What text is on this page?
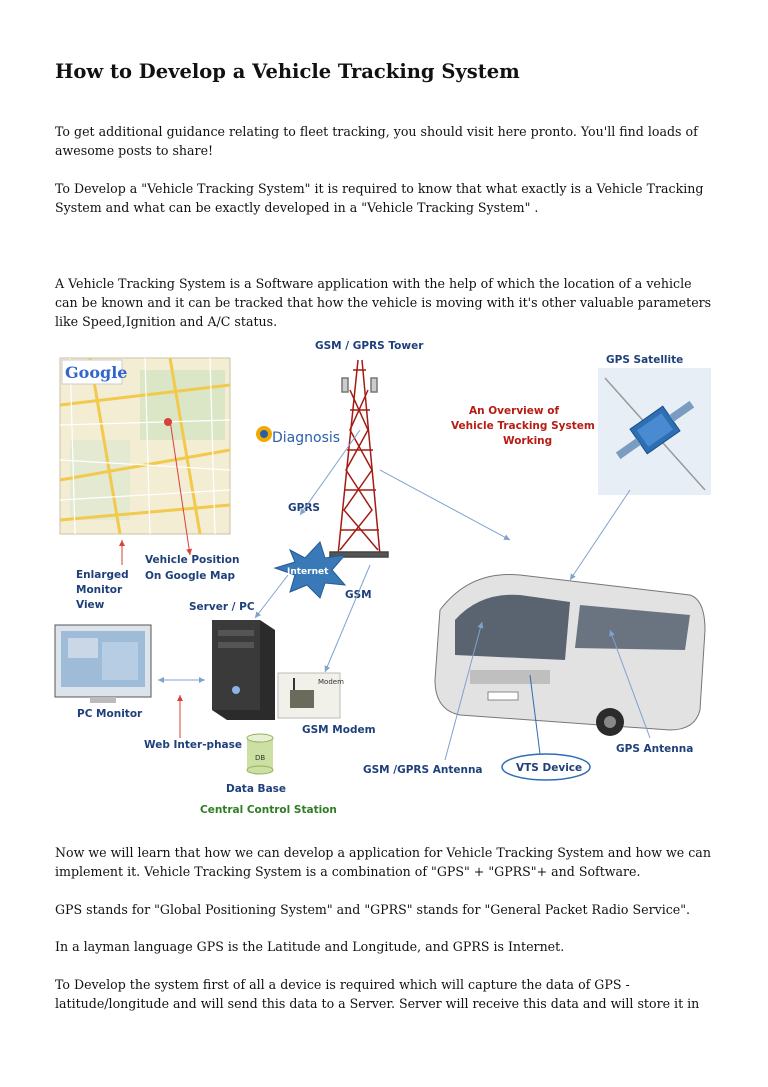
How to Develop a Vehicle Tracking System

To get additional guidance relating to fleet tracking, you should visit here pronto. You'll find loads of awesome posts to share!

To Develop a "Vehicle Tracking System" it is required to know that what exactly is a Vehicle Tracking System and what can be exactly developed in a "Vehicle Tracking System" .

A Vehicle Tracking System is a Software application with the help of which the location of a vehicle can be known and it can be tracked that how the vehicle is moving with it's other valuable parameters like Speed,Ignition and A/C status.

Now we will learn that how we can develop a application for Vehicle Tracking System and how we can implement it. Vehicle Tracking System is a combination of "GPS" + "GPRS"+ and Software.

GPS stands for "Global Positioning System" and "GPRS" stands for "General Packet Radio Service".

In a layman language GPS is the Latitude and Longitude, and GPRS is Internet.

To Develop the system first of all a device is required which will capture the data of GPS - latitude/longitude and will send this data to a Server. Server will receive this data and will store it in

Google
GSM / GPRS Tower
GPS Satellite
An Overview of
Vehicle Tracking System
Working
Diagnosis
GPRS
Internet
GSM
Vehicle Position
On Google Map
Enlarged
Monitor
View	Server / PC
PC Monitor
Modem
GSM Modem
Web Inter-phase
DB
Data Base
Central Control Station
GSM /GPRS Antenna	VTS Device
GPS Antenna
